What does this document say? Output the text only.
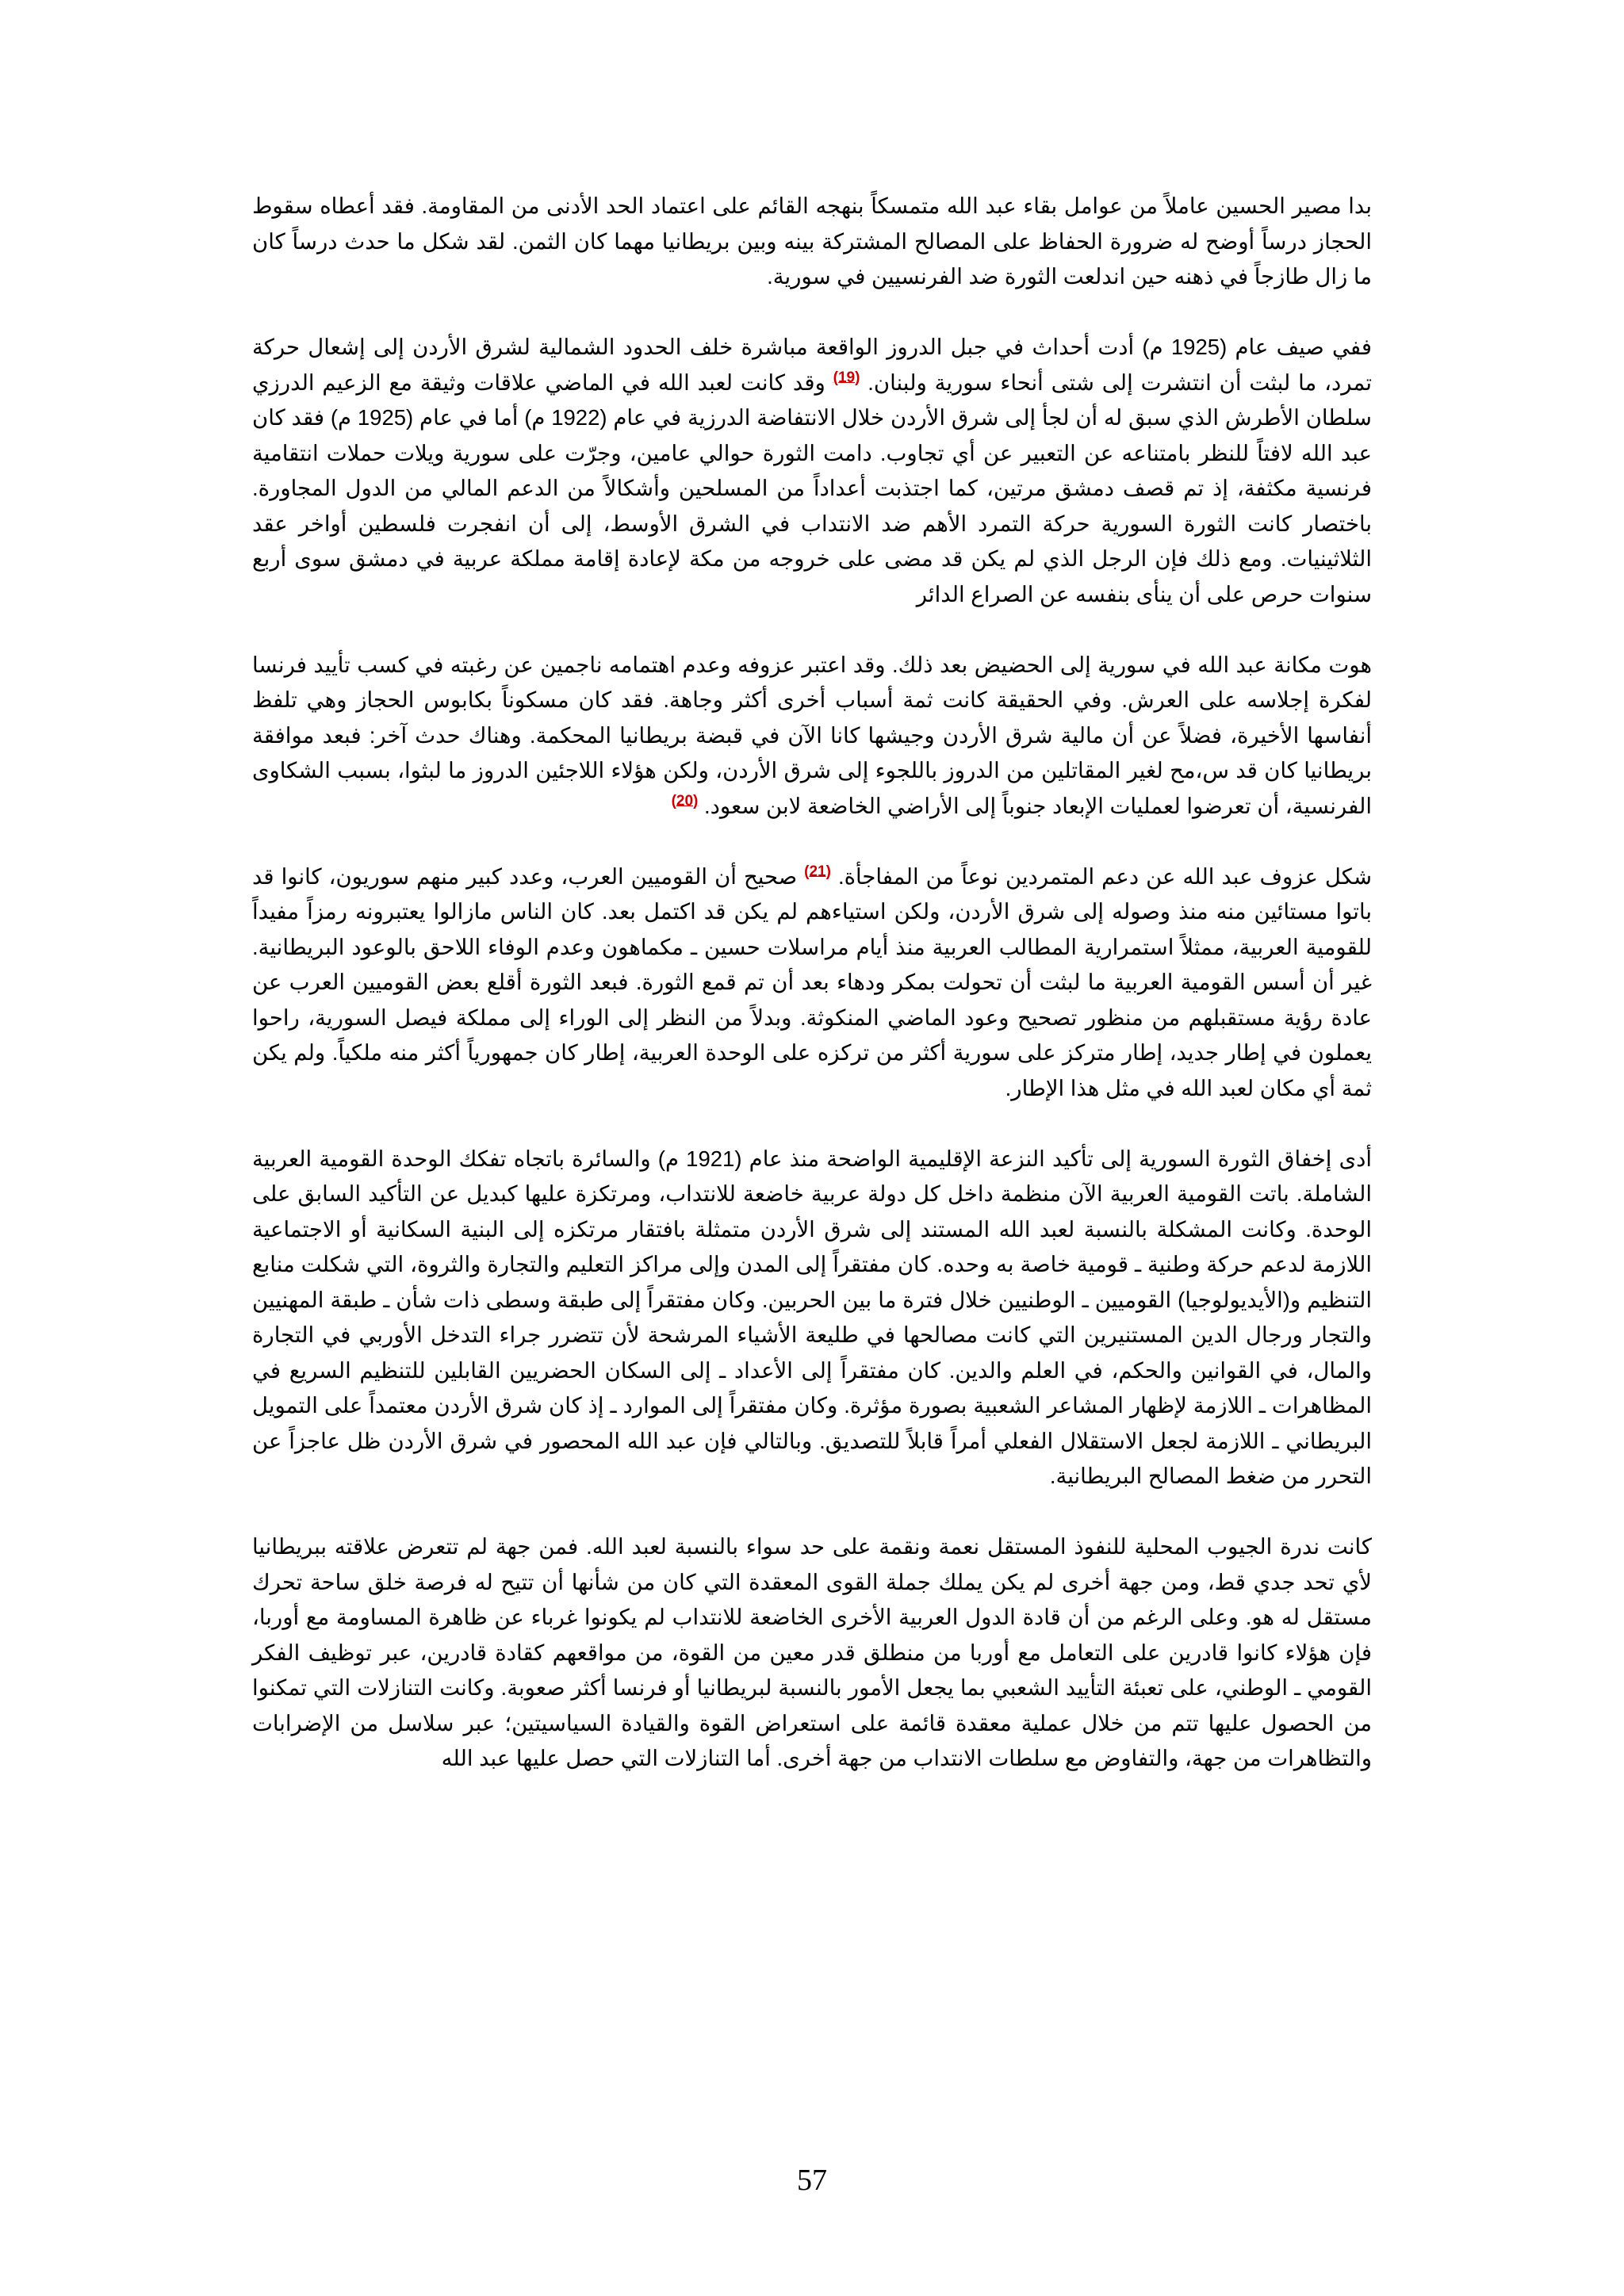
بدا مصير الحسين عاملاً من عوامل بقاء عبد الله متمسكاً بنهجه القائم على اعتماد الحد الأدنى من المقاومة. فقد أعطاه سقوط الحجاز درساً أوضح له ضرورة الحفاظ على المصالح المشتركة بينه وبين بريطانيا مهما كان الثمن. لقد شكل ما حدث درساً كان ما زال طازجاً في ذهنه حين اندلعت الثورة ضد الفرنسيين في سورية.

ففي صيف عام (1925 م) أدت أحداث في جبل الدروز الواقعة مباشرة خلف الحدود الشمالية لشرق الأردن إلى إشعال حركة تمرد، ما لبثت أن انتشرت إلى شتى أنحاء سورية ولبنان. $^{(19)}$ وقد كانت لعبد الله في الماضي علاقات وثيقة مع الزعيم الدرزي سلطان الأطرش الذي سبق له أن لجأ إلى شرق الأردن خلال الانتفاضة الدرزية في عام (1922 م) أما في عام (1925 م) فقد كان عبد الله لافتاً للنظر بامتناعه عن التعبير عن أي تجاوب. دامت الثورة حوالي عامين، وجرّت على سورية ويلات حملات انتقامية فرنسية مكثفة، إذ تم قصف دمشق مرتين، كما اجتذبت أعداداً من المسلحين وأشكالاً من الدعم المالي من الدول المجاورة. باختصار كانت الثورة السورية حركة التمرد الأهم ضد الانتداب في الشرق الأوسط، إلى أن انفجرت فلسطين أواخر عقد الثلاثينيات. ومع ذلك فإن الرجل الذي لم يكن قد مضى على خروجه من مكة لإعادة إقامة مملكة عربية في دمشق سوى أربع سنوات حرص على أن ينأى بنفسه عن الصراع الدائر

هوت مكانة عبد الله في سورية إلى الحضيض بعد ذلك. وقد اعتبر عزوفه وعدم اهتمامه ناجمين عن رغبته في كسب تأييد فرنسا لفكرة إجلاسه على العرش. وفي الحقيقة كانت ثمة أسباب أخرى أكثر وجاهة. فقد كان مسكوناً بكابوس الحجاز وهي تلفظ أنفاسها الأخيرة، فضلاً عن أن مالية شرق الأردن وجيشها كانا الآن في قبضة بريطانيا المحكمة. وهناك حدث آخر: فبعد موافقة بريطانيا كان قد س،مح لغير المقاتلين من الدروز باللجوء إلى شرق الأردن، ولكن هؤلاء اللاجئين الدروز ما لبثوا، بسبب الشكاوى الفرنسية، أن تعرضوا لعمليات الإبعاد جنوباً إلى الأراضي الخاضعة لابن سعود. $^{(20)}$

شكل عزوف عبد الله عن دعم المتمردين نوعاً من المفاجأة. $^{(21)}$ صحيح أن القوميين العرب، وعدد كبير منهم سوريون، كانوا قد باتوا مستائين منه منذ وصوله إلى شرق الأردن، ولكن استياءهم لم يكن قد اكتمل بعد. كان الناس مازالوا يعتبرونه رمزاً مفيداً للقومية العربية، ممثلاً استمرارية المطالب العربية منذ أيام مراسلات حسين ـ مكماهون وعدم الوفاء اللاحق بالوعود البريطانية. غير أن أسس القومية العربية ما لبثت أن تحولت بمكر ودهاء بعد أن تم قمع الثورة. فبعد الثورة أقلع بعض القوميين العرب عن عادة رؤية مستقبلهم من منظور تصحيح وعود الماضي المنكوثة. وبدلاً من النظر إلى الوراء إلى مملكة فيصل السورية، راحوا يعملون في إطار جديد، إطار متركز على سورية أكثر من تركزه على الوحدة العربية، إطار كان جمهورياً أكثر منه ملكياً. ولم يكن ثمة أي مكان لعبد الله في مثل هذا الإطار.

أدى إخفاق الثورة السورية إلى تأكيد النزعة الإقليمية الواضحة منذ عام (1921 م) والسائرة باتجاه تفكك الوحدة القومية العربية الشاملة. باتت القومية العربية الآن منظمة داخل كل دولة عربية خاضعة للانتداب، ومرتكزة عليها كبديل عن التأكيد السابق على الوحدة. وكانت المشكلة بالنسبة لعبد الله المستند إلى شرق الأردن متمثلة بافتقار مرتكزه إلى البنية السكانية أو الاجتماعية اللازمة لدعم حركة وطنية ـ قومية خاصة به وحده. كان مفتقراً إلى المدن وإلى مراكز التعليم والتجارة والثروة، التي شكلت منابع التنظيم و(الأيديولوجيا) القوميين ـ الوطنيين خلال فترة ما بين الحربين. وكان مفتقراً إلى طبقة وسطى ذات شأن ـ طبقة المهنيين والتجار ورجال الدين المستنيرين التي كانت مصالحها في طليعة الأشياء المرشحة لأن تتضرر جراء التدخل الأوربي في التجارة والمال، في القوانين والحكم، في العلم والدين. كان مفتقراً إلى الأعداد ـ إلى السكان الحضريين القابلين للتنظيم السريع في المظاهرات ـ اللازمة لإظهار المشاعر الشعبية بصورة مؤثرة. وكان مفتقراً إلى الموارد ـ إذ كان شرق الأردن معتمداً على التمويل البريطاني ـ اللازمة لجعل الاستقلال الفعلي أمراً قابلاً للتصديق. وبالتالي فإن عبد الله المحصور في شرق الأردن ظل عاجزاً عن التحرر من ضغط المصالح البريطانية.

كانت ندرة الجيوب المحلية للنفوذ المستقل نعمة ونقمة على حد سواء بالنسبة لعبد الله. فمن جهة لم تتعرض علاقته ببريطانيا لأي تحد جدي قط، ومن جهة أخرى لم يكن يملك جملة القوى المعقدة التي كان من شأنها أن تتيح له فرصة خلق ساحة تحرك مستقل له هو. وعلى الرغم من أن قادة الدول العربية الأخرى الخاضعة للانتداب لم يكونوا غرباء عن ظاهرة المساومة مع أوربا، فإن هؤلاء كانوا قادرين على التعامل مع أوربا من منطلق قدر معين من القوة، من مواقعهم كقادة قادرين، عبر توظيف الفكر القومي ـ الوطني، على تعبئة التأييد الشعبي بما يجعل الأمور بالنسبة لبريطانيا أو فرنسا أكثر صعوبة. وكانت التنازلات التي تمكنوا من الحصول عليها تتم من خلال عملية معقدة قائمة على استعراض القوة والقيادة السياسيتين؛ عبر سلاسل من الإضرابات والتظاهرات من جهة، والتفاوض مع سلطات الانتداب من جهة أخرى. أما التنازلات التي حصل عليها عبد الله

57
